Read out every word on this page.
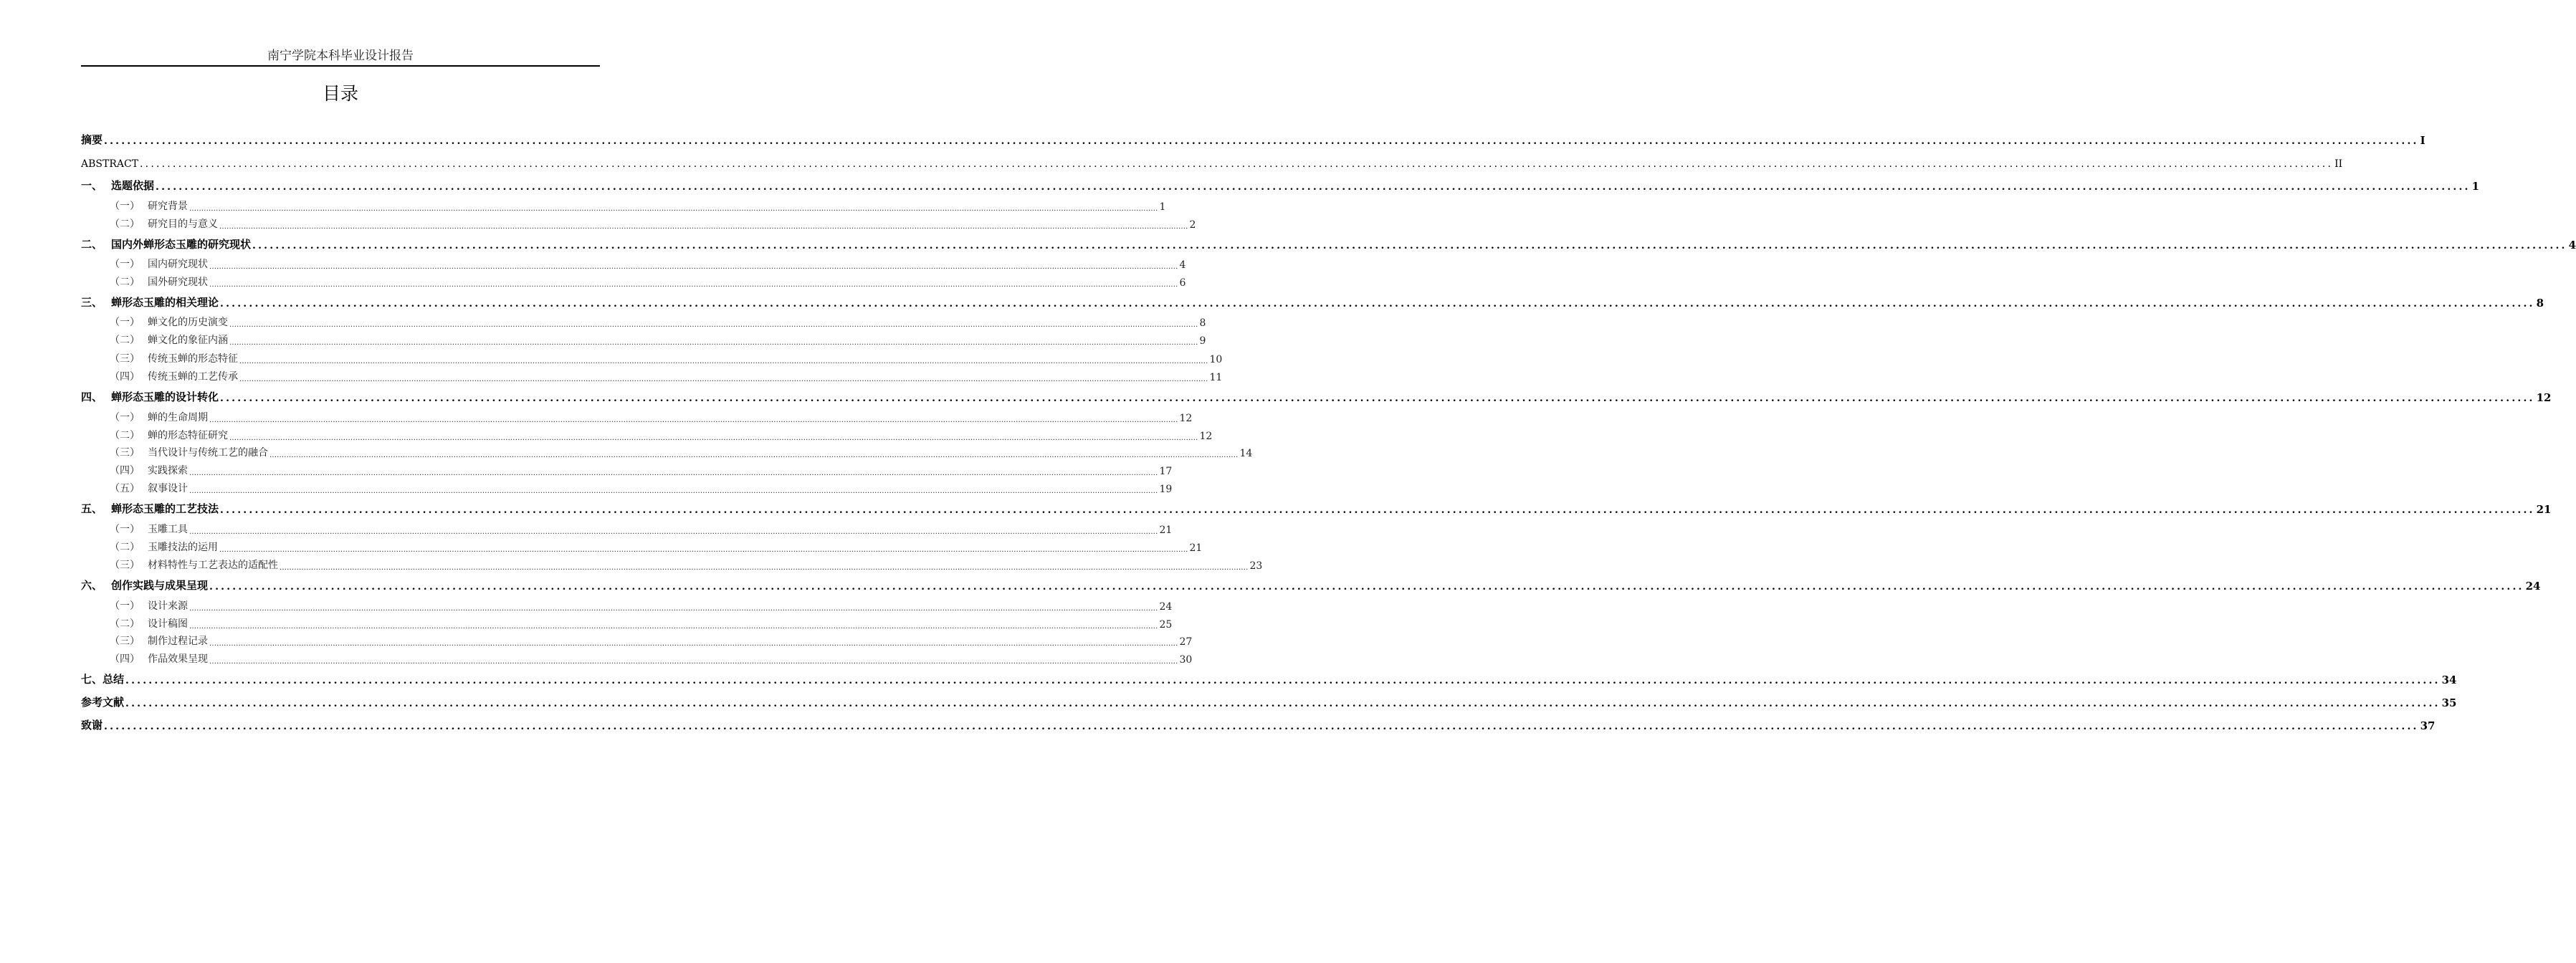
南宁学院本科毕业设计报告
目录
摘要 ................................................................................................................................................................................................................................................................................................................................................................................................................ I
ABSTRACT ................................................................................................................................................................................................................................................................................................................................................................................................................ II
一、 选题依据 ................................................................................................................................................................................................................................................................................................................................................................................................................ 1
（一） 研究背景 ................................................................................................................................................................................................................................................................................................................................................................................................................ 1
（二） 研究目的与意义 ................................................................................................................................................................................................................................................................................................................................................................................................................ 2
二、 国内外蝉形态玉雕的研究现状 ................................................................................................................................................................................................................................................................................................................................................................................................................ 4
（一） 国内研究现状 ................................................................................................................................................................................................................................................................................................................................................................................................................ 4
（二） 国外研究现状 ................................................................................................................................................................................................................................................................................................................................................................................................................ 6
三、 蝉形态玉雕的相关理论 ................................................................................................................................................................................................................................................................................................................................................................................................................ 8
（一） 蝉文化的历史演变 ................................................................................................................................................................................................................................................................................................................................................................................................................ 8
（二） 蝉文化的象征内涵 ................................................................................................................................................................................................................................................................................................................................................................................................................ 9
（三） 传统玉蝉的形态特征 ................................................................................................................................................................................................................................................................................................................................................................................................................ 10
（四） 传统玉蝉的工艺传承 ................................................................................................................................................................................................................................................................................................................................................................................................................ 11
四、 蝉形态玉雕的设计转化 ................................................................................................................................................................................................................................................................................................................................................................................................................ 12
（一） 蝉的生命周期 ................................................................................................................................................................................................................................................................................................................................................................................................................ 12
（二） 蝉的形态特征研究 ................................................................................................................................................................................................................................................................................................................................................................................................................ 12
（三） 当代设计与传统工艺的融合 ................................................................................................................................................................................................................................................................................................................................................................................................................ 14
（四） 实践探索 ................................................................................................................................................................................................................................................................................................................................................................................................................ 17
（五） 叙事设计 ................................................................................................................................................................................................................................................................................................................................................................................................................ 19
五、 蝉形态玉雕的工艺技法 ................................................................................................................................................................................................................................................................................................................................................................................................................ 21
（一） 玉雕工具 ................................................................................................................................................................................................................................................................................................................................................................................................................ 21
（二） 玉雕技法的运用 ................................................................................................................................................................................................................................................................................................................................................................................................................ 21
（三） 材料特性与工艺表达的适配性 ................................................................................................................................................................................................................................................................................................................................................................................................................ 23
六、 创作实践与成果呈现 ................................................................................................................................................................................................................................................................................................................................................................................................................ 24
（一） 设计来源 ................................................................................................................................................................................................................................................................................................................................................................................................................ 24
（二） 设计稿图 ................................................................................................................................................................................................................................................................................................................................................................................................................ 25
（三） 制作过程记录 ................................................................................................................................................................................................................................................................................................................................................................................................................ 27
（四） 作品效果呈现 ................................................................................................................................................................................................................................................................................................................................................................................................................ 30
七、总结 ................................................................................................................................................................................................................................................................................................................................................................................................................ 34
参考文献 ................................................................................................................................................................................................................................................................................................................................................................................................................ 35
致谢 ................................................................................................................................................................................................................................................................................................................................................................................................................ 37
